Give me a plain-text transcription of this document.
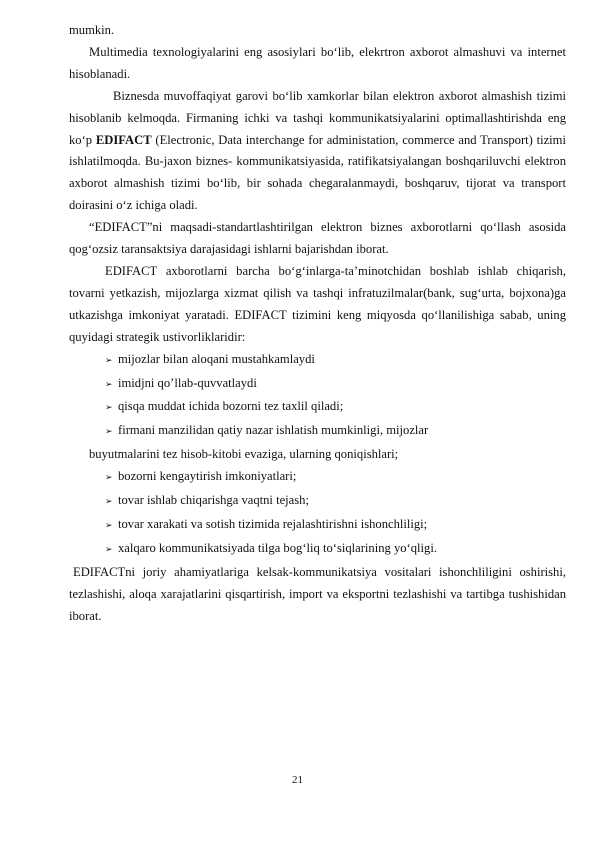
mumkin.

Multimedia texnologiyalarini eng asosiylari bo‘lib, elekrtron axborot almashuvi va internet hisoblanadi.

Biznesda muvoffaqiyat garovi bo‘lib xamkorlar bilan elektron axborot almashish tizimi hisoblanib kelmoqda. Firmaning ichki va tashqi kommunikatsiyalarini optimallashtirishda eng ko‘p EDIFACT (Electronic, Data interchange for administation, commerce and Transport) tizimi ishlatilmoqda. Bu-jaxon biznes- kommunikatsiyasida, ratifikatsiyalangan boshqariluvchi elektron axborot almashish tizimi bo‘lib, bir sohada chegaralanmaydi, boshqaruv, tijorat va transport doirasini o‘z ichiga oladi.

“EDIFACT”ni maqsadi-standartlashtirilgan elektron biznes axborotlarni qo‘llash asosida qog‘ozsiz taransaktsiya darajasidagi ishlarni bajarishdan iborat.

EDIFACT axborotlarni barcha bo‘g‘inlarga-ta’minotchidan boshlab ishlab chiqarish, tovarni yetkazish, mijozlarga xizmat qilish va tashqi infratuzilmalar(bank, sug‘urta, bojxona)ga utkazishga imkoniyat yaratadi. EDIFACT tizimini keng miqyosda qo‘llanilishiga sabab, uning quyidagi strategik ustivorliklaridir:

➢ mijozlar bilan aloqani mustahkamlaydi
➢ imidjni qo’llab-quvvatlaydi
➢ qisqa muddat ichida bozorni tez taxlil qiladi;
➢ firmani manzilidan qatiy nazar ishlatish mumkinligi, mijozlar

buyutmalarini tez hisob-kitobi evaziga, ularning qoniqishlari;

➢ bozorni kengaytirish imkoniyatlari;
➢ tovar ishlab chiqarishga vaqtni tejash;
➢ tovar xarakati va sotish tizimida rejalashtirishni ishonchliligi;
➢ xalqaro kommunikatsiyada tilga bog‘liq to‘siqlarining yo‘qligi.

EDIFACTni joriy ahamiyatlariga kelsak-kommunikatsiya vositalari ishonchliligini oshirishi, tezlashishi, aloqa xarajatlarini qisqartirish, import va eksportni tezlashishi va tartibga tushishidan iborat.

21
